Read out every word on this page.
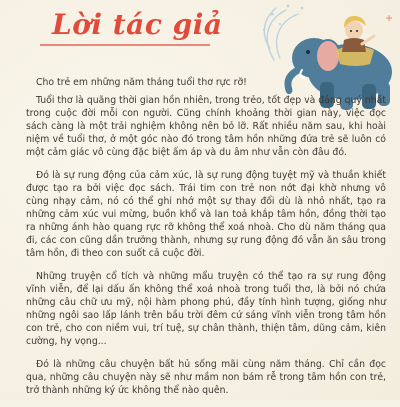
Lời tác giả

Cho trẻ em những năm tháng tuổi thơ rực rỡ!

Tuổi thơ là quãng thời gian hồn nhiên, trong trẻo, tốt đẹp và đáng quý nhất trong cuộc đời mỗi con người. Cũng chính khoảng thời gian này, việc đọc sách càng là một trải nghiệm không nên bỏ lỡ. Rất nhiều năm sau, khi hoài niệm về tuổi thơ, ở một góc nào đó trong tâm hồn những đứa trẻ sẽ luôn có một cảm giác vô cùng đặc biệt ấm áp và du âm như vẫn còn đâu đó.

Đó là sự rung động của cảm xúc, là sự rung động tuyệt mỹ và thuần khiết được tạo ra bởi việc đọc sách. Trái tim con trẻ non nớt đại khờ nhưng vô cùng nhạy cảm, nó có thể ghi nhớ một sự thay đổi dù là nhỏ nhất, tạo ra những cảm xúc vui mừng, buồn khổ và lan toả khắp tâm hồn, đồng thời tạo ra những ánh hào quang rực rỡ không thể xoá nhoà. Cho dù năm tháng qua đi, các con cũng dần trưởng thành, nhưng sự rung động đó vẫn ăn sâu trong tâm hồn, đi theo con suốt cả cuộc đời.

Những truyện cổ tích và những mẩu truyện có thể tạo ra sự rung động vĩnh viễn, để lại dấu ấn không thể xoá nhoà trong tuổi thơ, là bởi nó chứa những câu chữ ưu mỹ, nội hàm phong phú, đầy tính hình tượng, giống như những ngôi sao lấp lánh trên bầu trời đêm cứ sáng vĩnh viễn trong tâm hồn con trẻ, cho con niềm vui, trí tuệ, sự chân thành, thiện tâm, dũng cảm, kiên cường, hy vọng...

Đó là những câu chuyện bất hủ sống mãi cùng năm tháng. Chỉ cần đọc qua, những câu chuyện này sẽ như mầm non bám rễ trong tâm hồn con trẻ, trở thành những ký ức không thể nào quên.
